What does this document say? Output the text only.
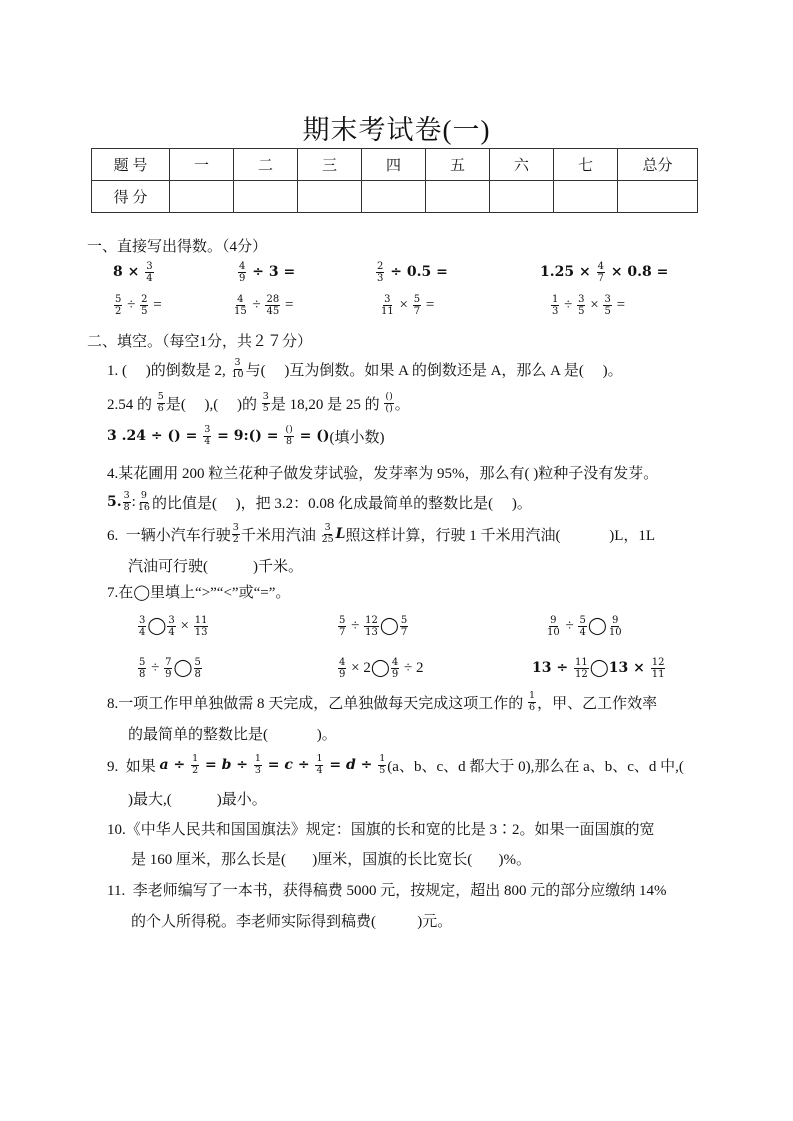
期末考试卷(一)
题 号	一	二	三	四	五	六	七	总分
得 分								
一、直接写出得数。（4分）
$8 \times \frac{3}{4}$	$\frac{4}{9} \div 3$ =	$\frac{2}{3} \div 0.5$ =	$1.25 \times \frac{4}{7} \times 0.8$ =
$\frac{5}{2} \div \frac{2}{5}$ =	$\frac{4}{15} \div \frac{28}{45}$ =	$\frac{3}{11} \times \frac{5}{7}$ =	$\frac{1}{3} \div \frac{3}{5} \times \frac{3}{5}$ =
二、填空。（每空1分，共２７分）
1. (     )的倒数是 2, $\frac{3}{10}$ 与(     )互为倒数。如果 A 的倒数还是 A，那么 A 是(     )。
2.54 的 $\frac{5}{6}$ 是(     ),(     )的 $\frac{3}{5}$ 是 18,20 是 25 的 $\frac{()}{()}$ 。
3 .24 ÷ () = $\frac{3}{4}$ = 9:() = $\frac{()}{8}$ = () (填小数)
4.某花圃用 200 粒兰花种子做发芽试验，发芽率为 95%，那么有( )粒种子没有发芽。
5. $\frac{3}{8}$ : $\frac{9}{16}$ 的比值是(     )，把 3.2：0.08 化成最简单的整数比是(     )。
6.  一辆小汽车行驶 $\frac{3}{2}$ 千米用汽油 $\frac{3}{25}$ L 照这样计算，行驶 1 千米用汽油(             )L，1L
汽油可行驶(            )千米。
7.在◯里填上“>”“<”或“=”。
$\frac{3}{4}$ ◯ $\frac{3}{4} \times \frac{11}{13}$	$\frac{5}{7} \div \frac{12}{13}$ ◯ $\frac{5}{7}$	$\frac{9}{10} \div \frac{5}{4}$ ◯ $\frac{9}{10}$
$\frac{5}{8} \div \frac{7}{9}$ ◯ $\frac{5}{8}$	$\frac{4}{9} \times 2$ ◯ $\frac{4}{9} \div 2$	$13 \div \frac{11}{12}$ ◯ $13 \times \frac{12}{11}$
8.一项工作甲单独做需 8 天完成，乙单独做每天完成这项工作的 $\frac{1}{6}$ ，甲、乙工作效率
的最简单的整数比是(             )。
9.  如果 $a \div \frac{1}{2} = b \div \frac{1}{3} = c \div \frac{1}{4} = d \div \frac{1}{5} (a$、b、c、d 都大于 0),那么在 a、b、c、d 中,(
)最大,(            )最小。
10.《中华人民共和国国旗法》规定：国旗的长和宽的比是 3∶2。如果一面国旗的宽
是 160 厘米，那么长是(       )厘米，国旗的长比宽长(       )%。
11.  李老师编写了一本书，获得稿费 5000 元，按规定，超出 800 元的部分应缴纳 14%
的个人所得税。李老师实际得到稿费(           )元。
